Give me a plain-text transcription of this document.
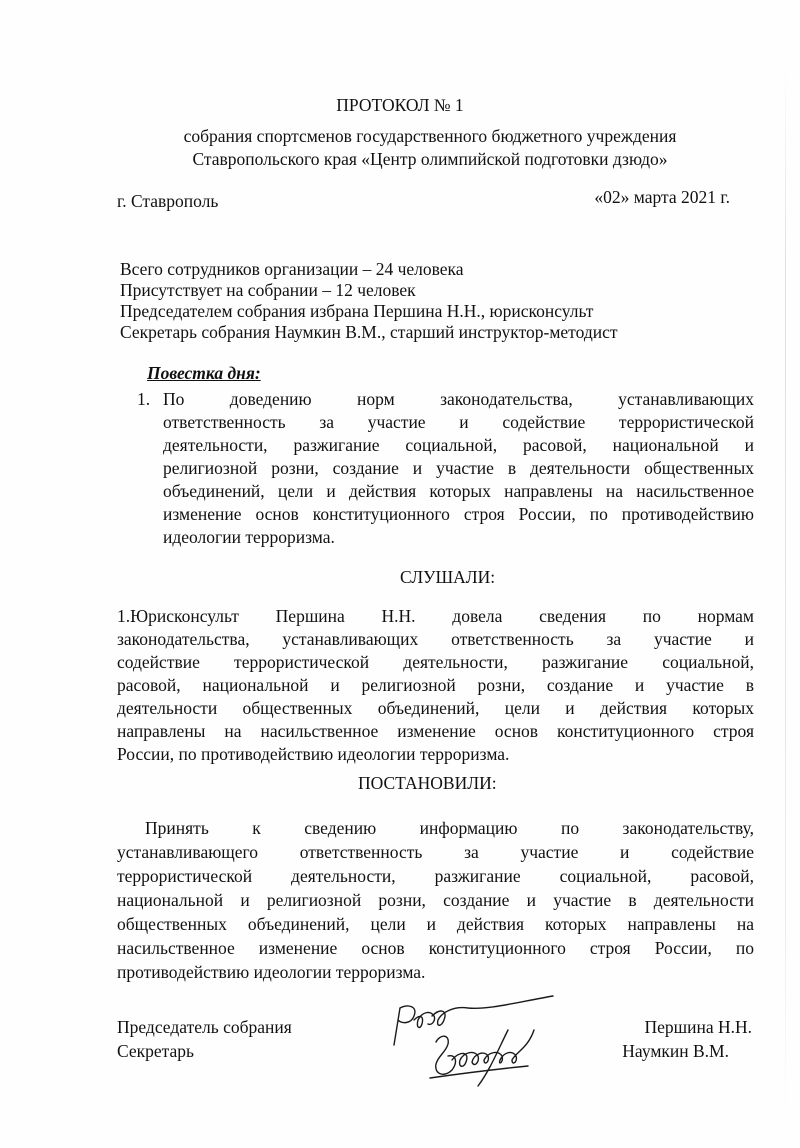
ПРОТОКОЛ № 1
собрания спортсменов государственного бюджетного учреждения
Ставропольского края «Центр олимпийской подготовки дзюдо»
г. Ставрополь	«02» марта 2021 г.
Всего сотрудников организации – 24 человека
Присутствует на собрании – 12 человек
Председателем собрания избрана Першина Н.Н., юрисконсульт
Секретарь собрания Наумкин В.М., старший инструктор-методист
Повестка дня:
1. По доведению норм законодательства, устанавливающих
ответственность за участие и содействие террористической
деятельности, разжигание социальной, расовой, национальной и
религиозной розни, создание и участие в деятельности общественных
объединений, цели и действия которых направлены на насильственное
изменение основ конституционного строя России, по противодействию
идеологии терроризма.
СЛУШАЛИ:
1.Юрисконсульт Першина Н.Н. довела сведения по нормам
законодательства, устанавливающих ответственность за участие и
содействие террористической деятельности, разжигание социальной,
расовой, национальной и религиозной розни, создание и участие в
деятельности общественных объединений, цели и действия которых
направлены на насильственное изменение основ конституционного строя
России, по противодействию идеологии терроризма.
ПОСТАНОВИЛИ:
Принять к сведению информацию по законодательству,
устанавливающего ответственность за участие и содействие
террористической деятельности, разжигание социальной, расовой,
национальной и религиозной розни, создание и участие в деятельности
общественных объединений, цели и действия которых направлены на
насильственное изменение основ конституционного строя России, по
противодействию идеологии терроризма.
Председатель собрания	Першина Н.Н.
Секретарь	Наумкин В.М.
